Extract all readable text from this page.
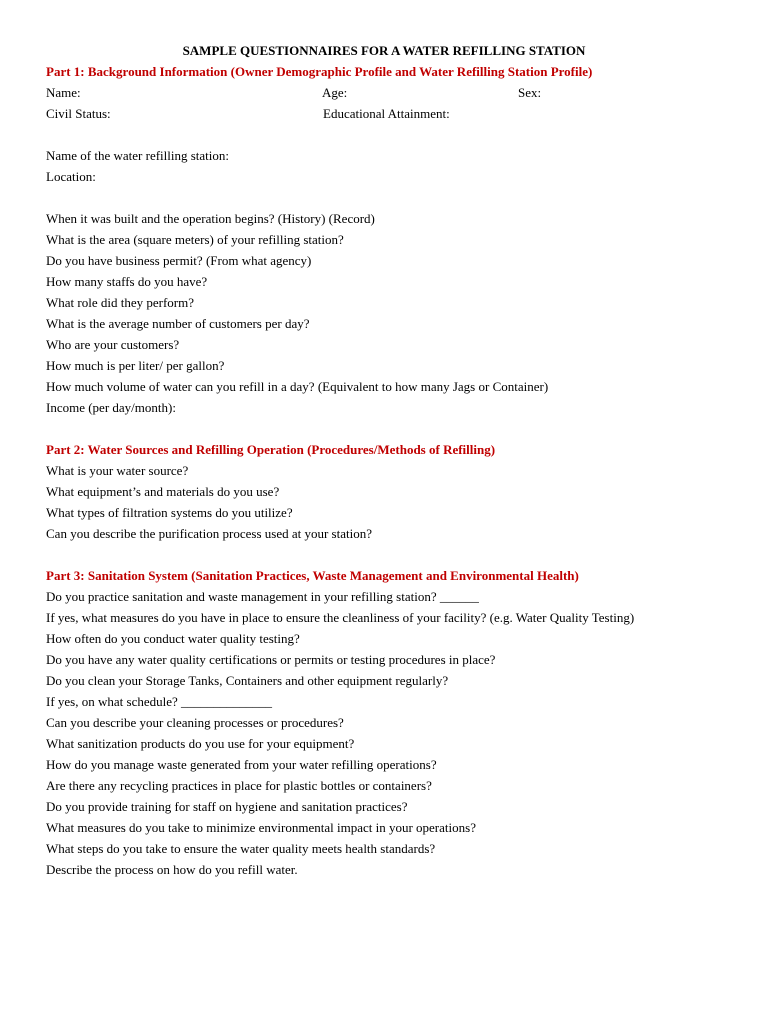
SAMPLE QUESTIONNAIRES FOR A WATER REFILLING STATION
Part 1: Background Information (Owner Demographic Profile and Water Refilling Station Profile)
Name:	Age:	Sex:
Civil Status:	Educational Attainment:
Name of the water refilling station:
Location:
When it was built and the operation begins? (History) (Record)
What is the area (square meters) of your refilling station?
Do you have business permit? (From what agency)
How many staffs do you have?
What role did they perform?
What is the average number of customers per day?
Who are your customers?
How much is per liter/ per gallon?
How much volume of water can you refill in a day? (Equivalent to how many Jags or Container)
Income (per day/month):
Part 2: Water Sources and Refilling Operation (Procedures/Methods of Refilling)
What is your water source?
What equipment’s and materials do you use?
What types of filtration systems do you utilize?
Can you describe the purification process used at your station?
Part 3: Sanitation System (Sanitation Practices, Waste Management and Environmental Health)
Do you practice sanitation and waste management in your refilling station? ______
If yes, what measures do you have in place to ensure the cleanliness of your facility? (e.g. Water Quality Testing)
How often do you conduct water quality testing?
Do you have any water quality certifications or permits or testing procedures in place?
Do you clean your Storage Tanks, Containers and other equipment regularly?
If yes, on what schedule? ______________
Can you describe your cleaning processes or procedures?
What sanitization products do you use for your equipment?
How do you manage waste generated from your water refilling operations?
Are there any recycling practices in place for plastic bottles or containers?
Do you provide training for staff on hygiene and sanitation practices?
What measures do you take to minimize environmental impact in your operations?
What steps do you take to ensure the water quality meets health standards?
Describe the process on how do you refill water.
